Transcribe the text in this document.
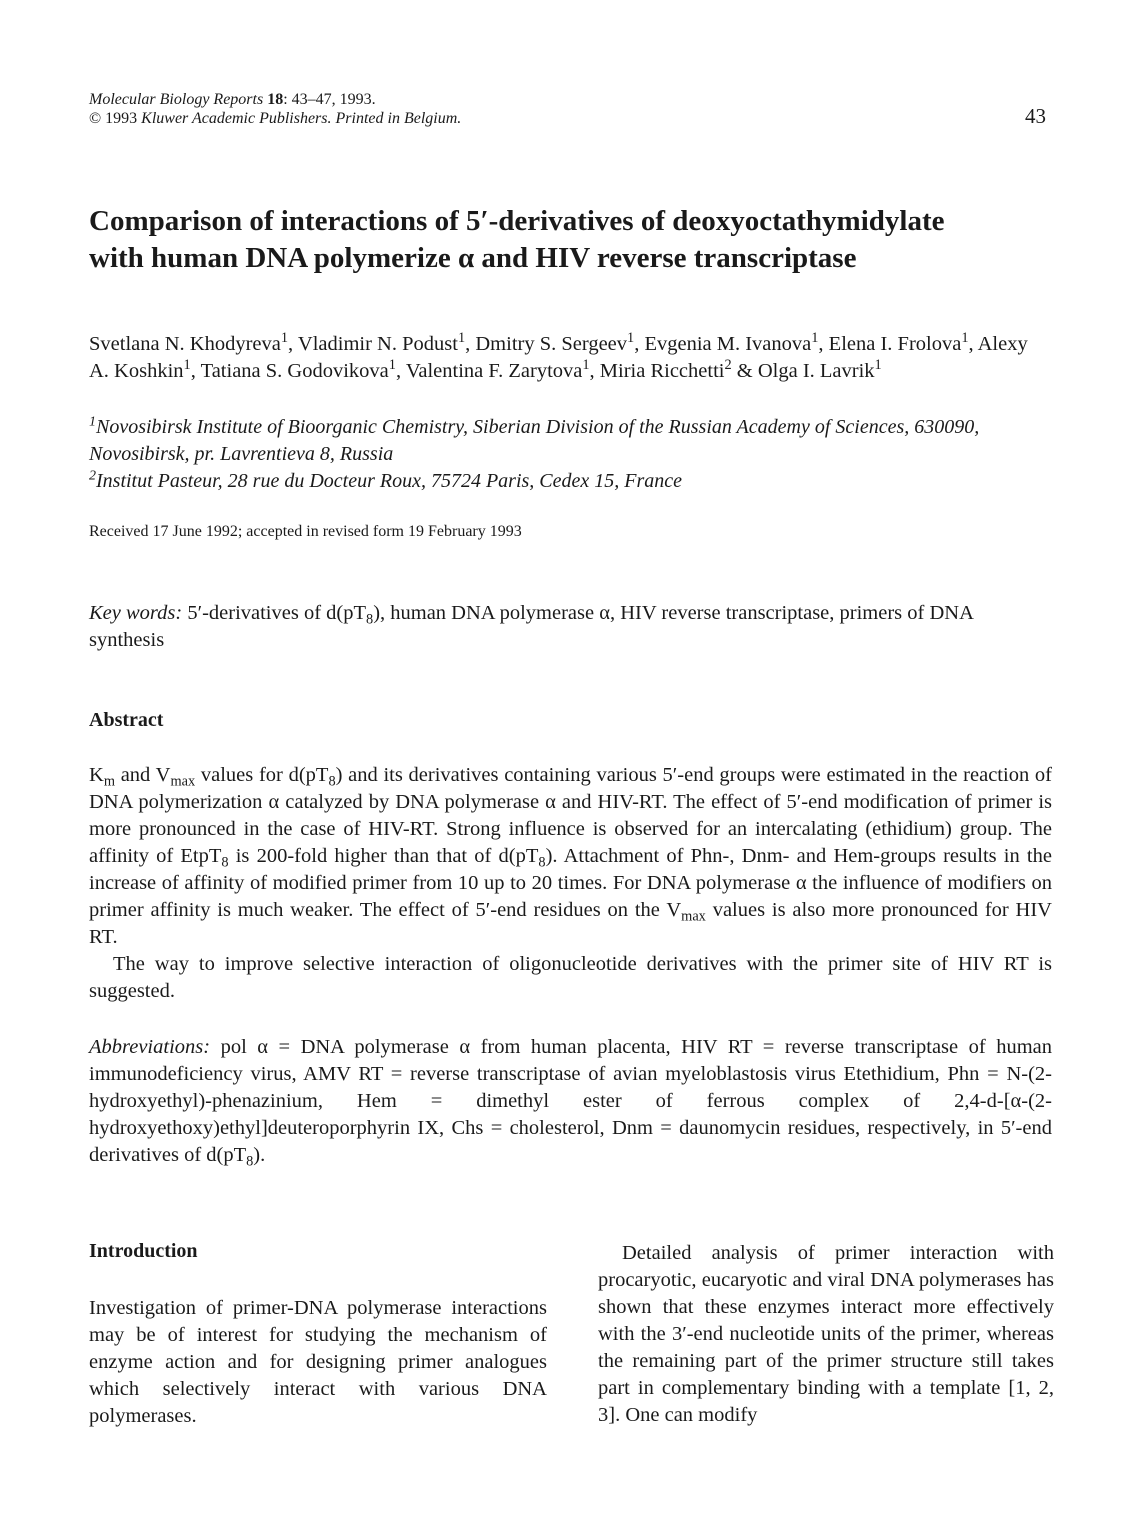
Molecular Biology Reports 18: 43–47, 1993.
© 1993 Kluwer Academic Publishers. Printed in Belgium.	43
Comparison of interactions of 5′-derivatives of deoxyoctathymidylate
with human DNA polymerize α and HIV reverse transcriptase
Svetlana N. Khodyreva$^1$, Vladimir N. Podust$^1$, Dmitry S. Sergeev$^1$, Evgenia M. Ivanova$^1$, Elena I. Frolova$^1$, Alexy A. Koshkin$^1$, Tatiana S. Godovikova$^1$, Valentina F. Zarytova$^1$, Miria Ricchetti$^2$ & Olga I. Lavrik$^1$
$^1$Novosibirsk Institute of Bioorganic Chemistry, Siberian Division of the Russian Academy of Sciences, 630090, Novosibirsk, pr. Lavrentieva 8, Russia
$^2$Institut Pasteur, 28 rue du Docteur Roux, 75724 Paris, Cedex 15, France
Received 17 June 1992; accepted in revised form 19 February 1993
Key words: 5′-derivatives of $d(pT_8)$, human DNA polymerase α, HIV reverse transcriptase, primers of DNA synthesis
Abstract

$K_m$ and $V_{max}$ values for $d(pT_8)$ and its derivatives containing various 5′-end groups were estimated in the reaction of DNA polymerization α catalyzed by DNA polymerase α and HIV-RT. The effect of 5′-end modification of primer is more pronounced in the case of HIV-RT. Strong influence is observed for an intercalating (ethidium) group. The affinity of EtpT$_8$ is 200-fold higher than that of $d(pT_8)$. Attachment of Phn-, Dnm- and Hem-groups results in the increase of affinity of modified primer from 10 up to 20 times. For DNA polymerase α the influence of modifiers on primer affinity is much weaker. The effect of 5′-end residues on the $V_{max}$ values is also more pronounced for HIV RT.

The way to improve selective interaction of oligonucleotide derivatives with the primer site of HIV RT is suggested.

Abbreviations: pol α = DNA polymerase α from human placenta, HIV RT = reverse transcriptase of human immunodeficiency virus, AMV RT = reverse transcriptase of avian myeloblastosis virus Etethidium, Phn = N-(2-hydroxyethyl)-phenazinium, Hem = dimethyl ester of ferrous complex of 2,4-d-[α-(2-hydroxyethoxy)ethyl]deuteroporphyrin IX, Chs = cholesterol, Dnm = daunomycin residues, respectively, in 5′-end derivatives of $d(pT_8)$.
Introduction
Investigation of primer-DNA polymerase interactions may be of interest for studying the mechanism of enzyme action and for designing primer analogues which selectively interact with various DNA polymerases.
Detailed analysis of primer interaction with procaryotic, eucaryotic and viral DNA polymerases has shown that these enzymes interact more effectively with the 3′-end nucleotide units of the primer, whereas the remaining part of the primer structure still takes part in complementary binding with a template [1, 2, 3]. One can modify
